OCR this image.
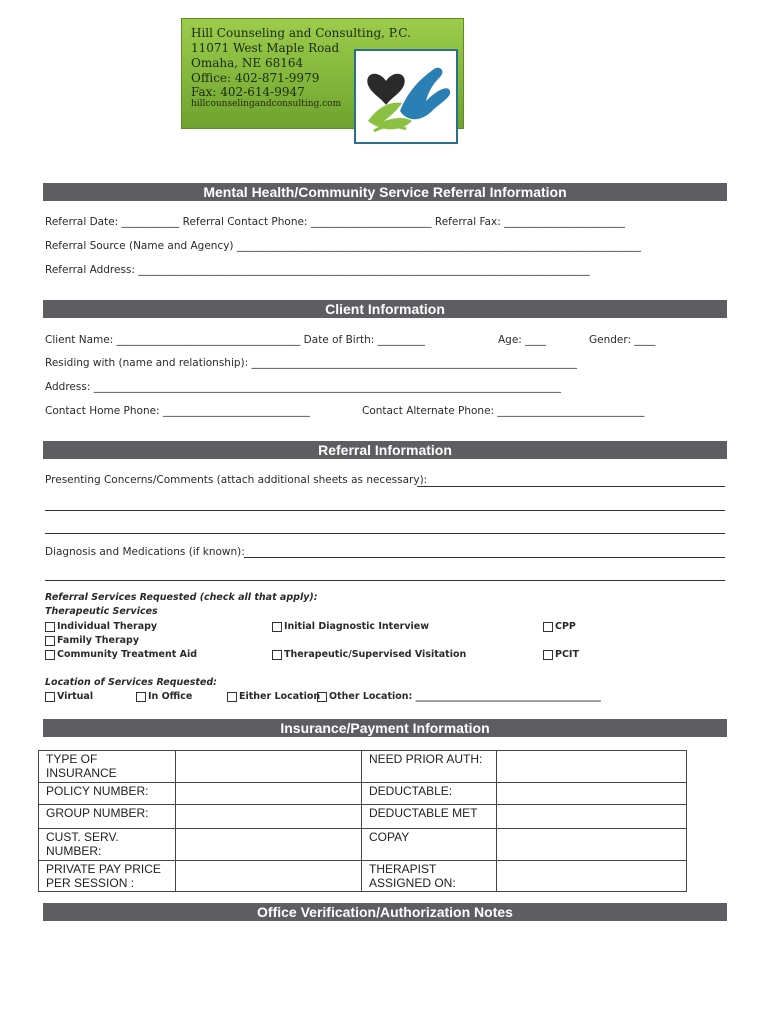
Hill Counseling and Consulting, P.C.
11071 West Maple Road
Omaha, NE 68164
Office: 402-871-9979
Fax: 402-614-9947
hillcounselingandconsulting.com
Mental Health/Community Service Referral Information
Referral Date: ___________ Referral Contact Phone: _______________________ Referral Fax: _______________________
Referral Source (Name and Agency) _____________________________________________________________________________
Referral Address: ______________________________________________________________________________________
Client Information
Client Name: ___________________________________ Date of Birth: _________	Age: ____	Gender: ____
Residing with (name and relationship): ______________________________________________________________
Address: _________________________________________________________________________________________
Contact Home Phone: ____________________________	Contact Alternate Phone: ____________________________
Referral Information
Presenting Concerns/Comments (attach additional sheets as necessary):
Diagnosis and Medications (if known):
Referral Services Requested (check all that apply):
Therapeutic Services
Individual Therapy
Family Therapy
Community Treatment Aid
Initial Diagnostic Interview
Therapeutic/Supervised Visitation
CPP
PCIT
Location of Services Requested:
Virtual	In Office	Either Location Other Location: _______________________________________
Insurance/Payment Information
TYPE OF INSURANCE		NEED PRIOR AUTH:	
POLICY NUMBER:		DEDUCTABLE:	
GROUP NUMBER:		DEDUCTABLE MET	
CUST. SERV. NUMBER:		COPAY	
PRIVATE PAY PRICE PER SESSION :		THERAPIST ASSIGNED ON:	
Office Verification/Authorization Notes
